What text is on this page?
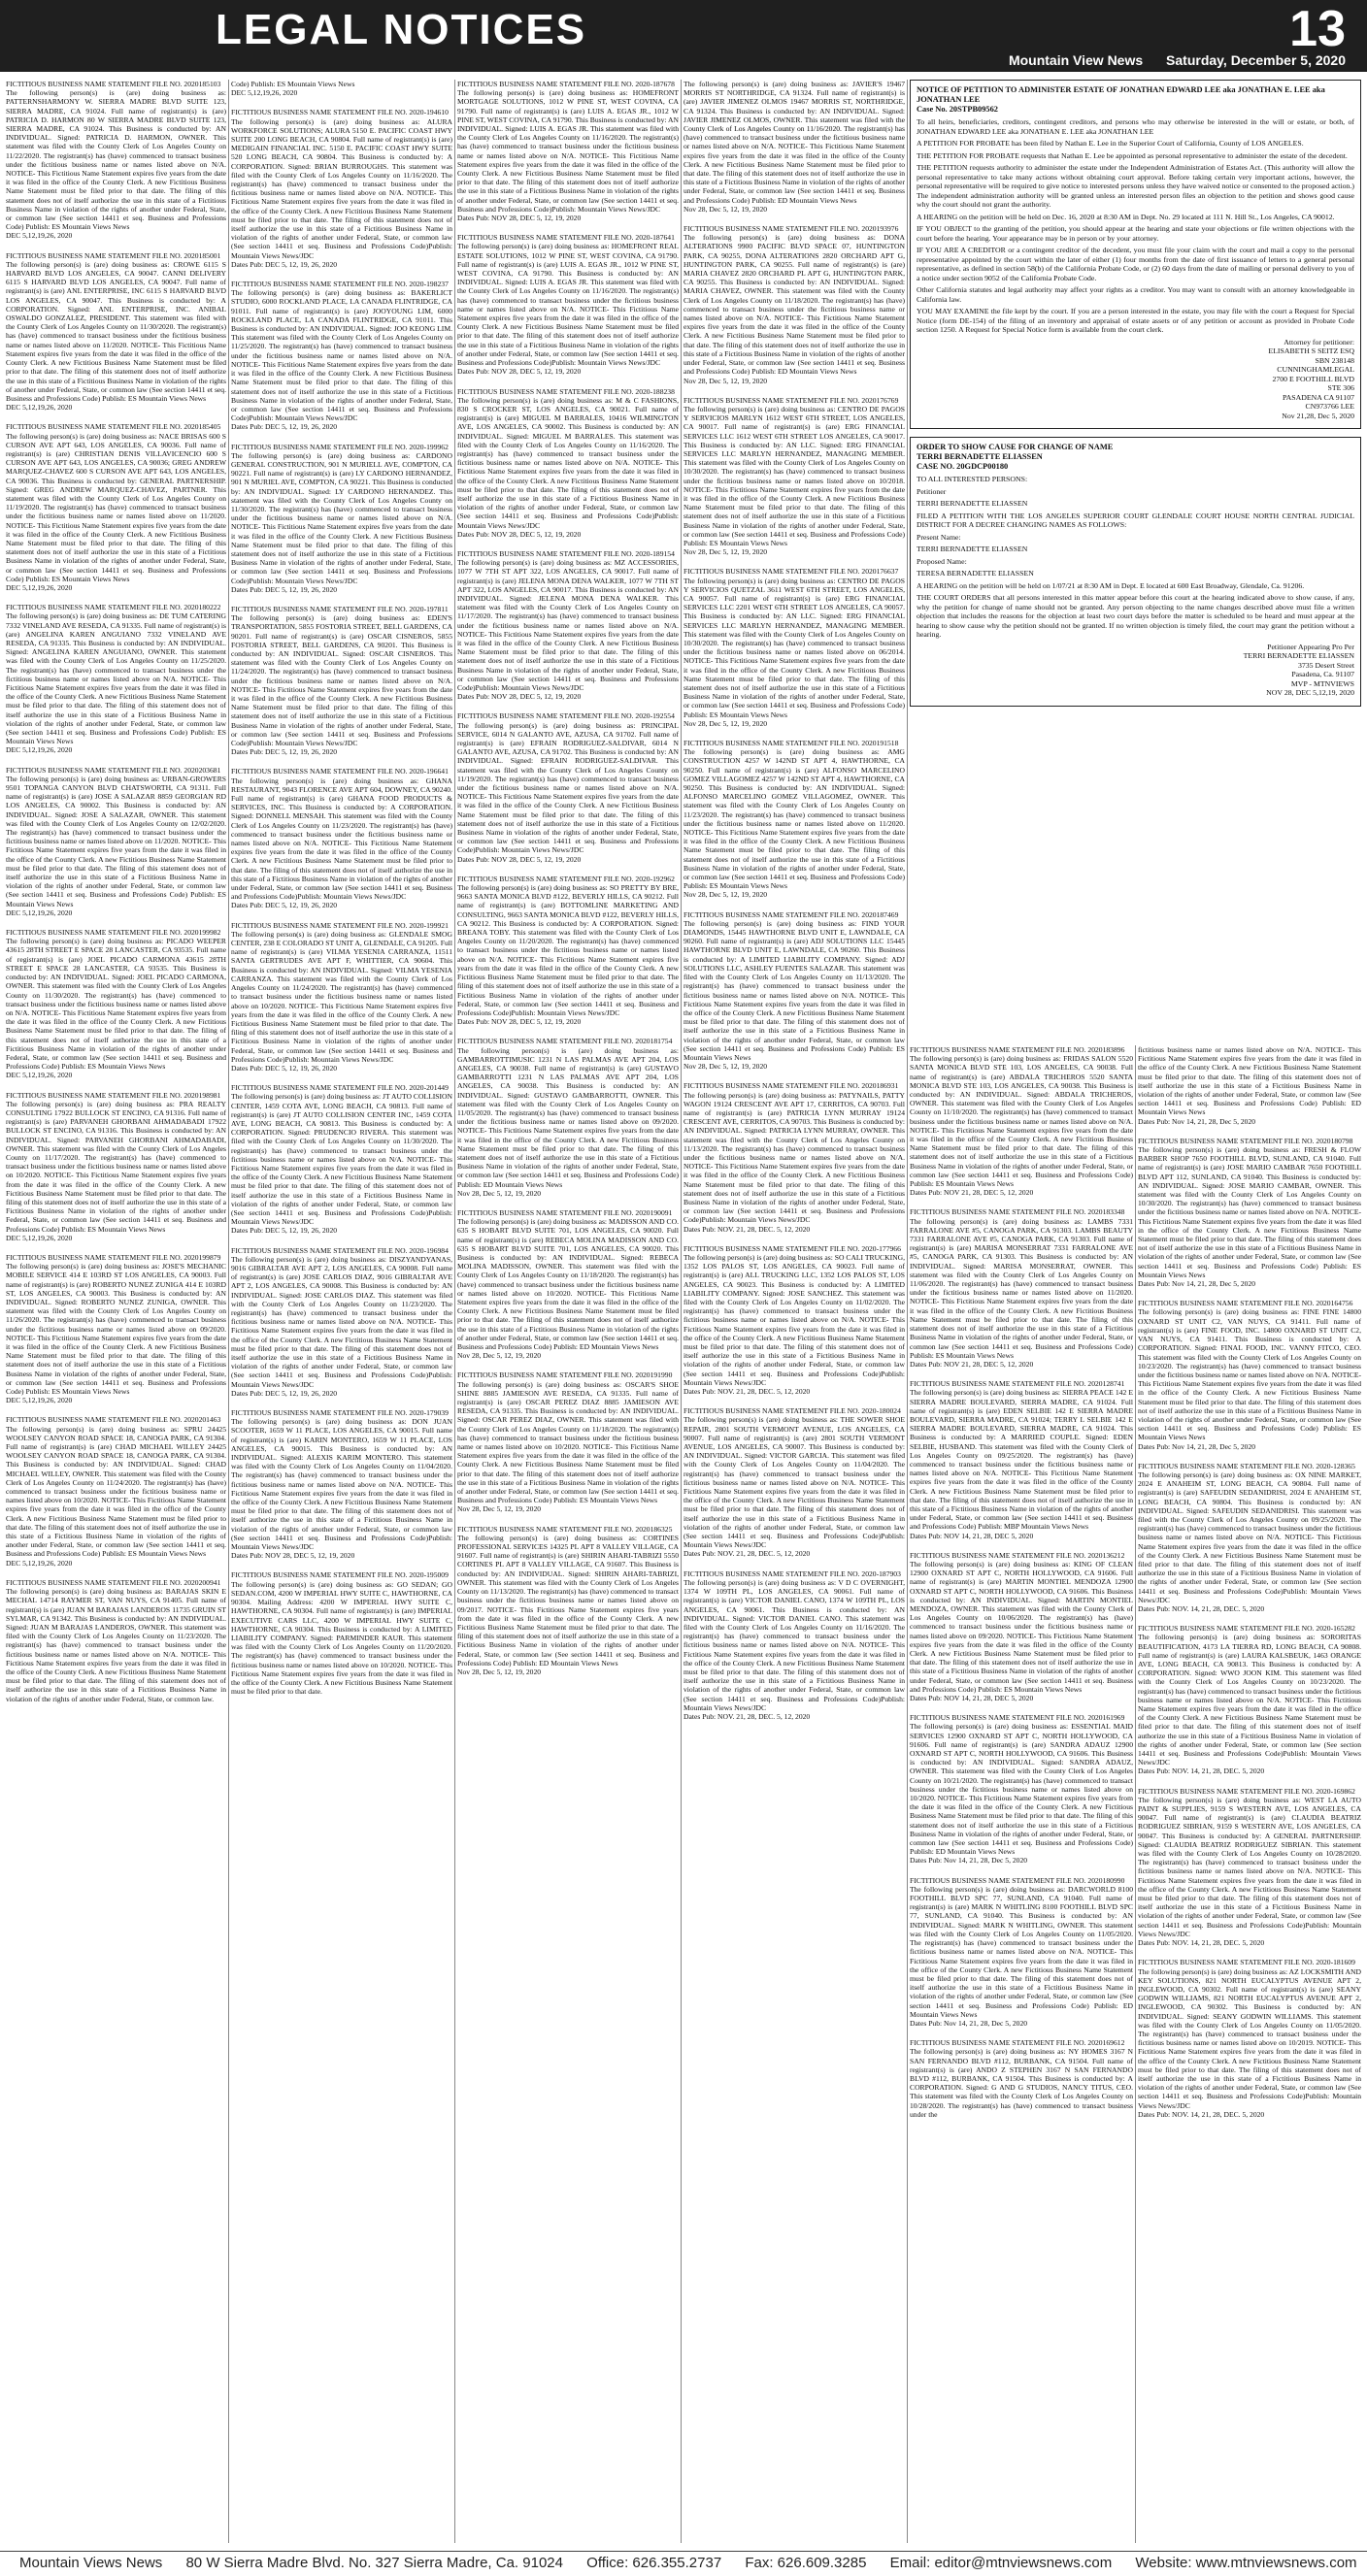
LEGAL NOTICES	13
Mountain View News Saturday, December 5, 2020
FICTITIOUS BUSINESS NAME STATEMENT FILE NO. 2020185103
The following person(s) is (are) doing business as: PATTERNSHARMONY W. SIERRA MADRE BLVD SUITE 123, SIERRA MADRE, CA 91024. Full name of registrant(s) is (are) PATRICIA D. HARMON 80 W SIERRA MADRE BLVD SUITE 123, SIERRA MADRE, CA 91024. This Business is conducted by: AN INDIVIDUAL. Signed: PATRICIA D. HARMON, OWNER. This statement was filed with the County Clerk of Los Angeles County on 11/22/2020. The registrant(s) has (have) commenced to transact business under the fictitious business name or names listed above on N/A. NOTICE- This Fictitious Name Statement expires five years from the date it was filed in the office of the County Clerk. A new Fictitious Business Name Statement must be filed prior to that date. The filing of this statement does not of itself authorize the use in this state of a Fictitious Business Name in violation of the rights of another under Federal, State, or common law (See section 14411 et seq. Business and Professions Code) Publish: ES Mountain Views News
DEC 5,12,19,26, 2020
FICTITIOUS BUSINESS NAME STATEMENT FILE NO. 2020185001
The following person(s) is (are) doing business as: CROWE 6115 S HARVARD BLVD LOS ANGELES, CA 90047. CANNI DELIVERY 6115 S HARVARD BLVD LOS ANGELES, CA 90047. Full name of registrant(s) is (are) ANL ENTERPRISE, INC 6115 S HARVARD BLVD LOS ANGELES, CA 90047. This Business is conducted by: A CORPORATION. Signed: ANL ENTERPRISE, INC. ANIBAL OSWALDO GONZALEZ, PRESIDENT. This statement was filed with the County Clerk of Los Angeles County on 11/30/2020. The registrant(s) has (have) commenced to transact business under the fictitious business name or names listed above on 11/2020. NOTICE- This Fictitious Name Statement expires five years from the date it was filed in the office of the County Clerk. A new Fictitious Business Name Statement must be filed prior to that date. The filing of this statement does not of itself authorize the use in this state of a Fictitious Business Name in violation of the rights of another under Federal, State, or common law (See section 14411 et seq. Business and Professions Code) Publish: ES Mountain Views News
DEC 5,12,19,26, 2020
FICTITIOUS BUSINESS NAME STATEMENT FILE NO. 2020185405
The following person(s) is (are) doing business as: NACE BRISAS 600 S CURSON AVE APT 643, LOS ANGELES, CA 90036. Full name of registrant(s) is (are) CHRISTIAN DENIS VILLAVICENCIO 600 S CURSON AVE APT 643, LOS ANGELES, CA 90036; GREG ANDREW MARQUEZ-CHAVEZ 600 S CURSON AVE APT 643, LOS ANGELES, CA 90036. This Business is conducted by: GENERAL PARTNERSHIP. Signed: GREG ANDREW MARQUEZ-CHAVEZ, PARTNER. This statement was filed with the County Clerk of Los Angeles County on 11/19/2020. The registrant(s) has (have) commenced to transact business under the fictitious business name or names listed above on 11/2020. NOTICE- This Fictitious Name Statement expires five years from the date it was filed in the office of the County Clerk. A new Fictitious Business Name Statement must be filed prior to that date. The filing of this statement does not of itself authorize the use in this state of a Fictitious Business Name in violation of the rights of another under Federal, State, or common law (See section 14411 et seq. Business and Professions Code) Publish: ES Mountain Views News
DEC 5,12,19,26, 2020
FICTITIOUS BUSINESS NAME STATEMENT FILE NO. 2020180222
The following person(s) is (are) doing business as: DE TUM CATERING 7332 VINELAND AVE RESEDA, CA 91335. Full name of registrant(s) is (are) ANGELINA KAREN ANGUIANO 7332 VINELAND AVE RESEDA, CA 91335. This Business is conducted by: AN INDIVIDUAL. Signed: ANGELINA KAREN ANGUIANO, OWNER. This statement was filed with the County Clerk of Los Angeles County on 11/25/2020. The registrant(s) has (have) commenced to transact business under the fictitious business name or names listed above on N/A. NOTICE- This Fictitious Name Statement expires five years from the date it was filed in the office of the County Clerk. A new Fictitious Business Name Statement must be filed prior to that date. The filing of this statement does not of itself authorize the use in this state of a Fictitious Business Name in violation of the rights of another under Federal, State, or common law (See section 14411 et seq. Business and Professions Code) Publish: ES Mountain Views News
DEC 5,12,19,26, 2020
FICTITIOUS BUSINESS NAME STATEMENT FILE NO. 2020203681
The following person(s) is (are) doing business as: URBAN-GROWERS 9501 TOPANGA CANYON BLVD CHATSWORTH, CA 91311. Full name of registrant(s) is (are) JOSE A SALAZAR 8859 GEORGIAN RD LOS ANGELES, CA 90002. This Business is conducted by: AN INDIVIDUAL. Signed: JOSE A SALAZAR, OWNER. This statement was filed with the County Clerk of Los Angeles County on 12/02/2020. The registrant(s) has (have) commenced to transact business under the fictitious business name or names listed above on 11/2020. NOTICE- This Fictitious Name Statement expires five years from the date it was filed in the office of the County Clerk. A new Fictitious Business Name Statement must be filed prior to that date. The filing of this statement does not of itself authorize the use in this state of a Fictitious Business Name in violation of the rights of another under Federal, State, or common law (See section 14411 et seq. Business and Professions Code) Publish: ES Mountain Views News
DEC 5,12,19,26, 2020
FICTITIOUS BUSINESS NAME STATEMENT FILE NO. 2020199982
The following person(s) is (are) doing business as: PICADO WEEPER 43615 28TH STREET E SPACE 28 LANCASTER, CA 93535. Full name of registrant(s) is (are) JOEL PICADO CARMONA 43615 28TH STREET E SPACE 28 LANCASTER, CA 93535. This Business is conducted by: AN INDIVIDUAL. Signed: JOEL PICADO CARMONA, OWNER. This statement was filed with the County Clerk of Los Angeles County on 11/30/2020. The registrant(s) has (have) commenced to transact business under the fictitious business name or names listed above on N/A. NOTICE- This Fictitious Name Statement expires five years from the date it was filed in the office of the County Clerk. A new Fictitious Business Name Statement must be filed prior to that date. The filing of this statement does not of itself authorize the use in this state of a Fictitious Business Name in violation of the rights of another under Federal, State, or common law (See section 14411 et seq. Business and Professions Code) Publish: ES Mountain Views News
DEC 5,12,19,26, 2020
FICTITIOUS BUSINESS NAME STATEMENT FILE NO. 2020198981
The following person(s) is (are) doing business as: PRA REALTY CONSULTING 17922 BULLOCK ST ENCINO, CA 91316. Full name of registrant(s) is (are) PARVANEH GHORBANI AHMADABADI 17922 BULLOCK ST ENCINO, CA 91316. This Business is conducted by: AN INDIVIDUAL. Signed: PARVANEH GHORBANI AHMADABADI, OWNER. This statement was filed with the County Clerk of Los Angeles County on 11/17/2020. The registrant(s) has (have) commenced to transact business under the fictitious business name or names listed above on 10/2020. NOTICE- This Fictitious Name Statement expires five years from the date it was filed in the office of the County Clerk. A new Fictitious Business Name Statement must be filed prior to that date. The filing of this statement does not of itself authorize the use in this state of a Fictitious Business Name in violation of the rights of another under Federal, State, or common law (See section 14411 et seq. Business and Professions Code) Publish: ES Mountain Views News
DEC 5,12,19,26, 2020
FICTITIOUS BUSINESS NAME STATEMENT FILE NO. 2020199879
The following person(s) is (are) doing business as: JOSE'S MECHANIC MOBILE SERVICE 414 E 103RD ST LOS ANGELES, CA 90003. Full name of registrant(s) is (are) ROBERTO NUNEZ ZUNIGA 414 E 103RD ST, LOS ANGELES, CA 90003. This Business is conducted by: AN INDIVIDUAL. Signed: ROBERTO NUNEZ ZUNIGA, OWNER. This statement was filed with the County Clerk of Los Angeles County on 11/26/2020. The registrant(s) has (have) commenced to transact business under the fictitious business name or names listed above on 09/2020. NOTICE- This Fictitious Name Statement expires five years from the date it was filed in the office of the County Clerk. A new Fictitious Business Name Statement must be filed prior to that date. The filing of this statement does not of itself authorize the use in this state of a Fictitious Business Name in violation of the rights of another under Federal, State, or common law (See section 14411 et seq. Business and Professions Code) Publish: ES Mountain Views News
DEC 5,12,19,26, 2020
FICTITIOUS BUSINESS NAME STATEMENT FILE NO. 2020201463
The following person(s) is (are) doing business as: SPRU 24425 WOOLSEY CANYON ROAD SPACE 18, CANOGA PARK, CA 91304. Full name of registrant(s) is (are) CHAD MICHAEL WILLEY 24425 WOOLSEY CANYON ROAD SPACE 18, CANOGA PARK, CA 91304. This Business is conducted by: AN INDIVIDUAL. Signed: CHAD MICHAEL WILLEY, OWNER. This statement was filed with the County Clerk of Los Angeles County on 11/24/2020. The registrant(s) has (have) commenced to transact business under the fictitious business name or names listed above on 10/2020. NOTICE- This Fictitious Name Statement expires five years from the date it was filed in the office of the County Clerk. A new Fictitious Business Name Statement must be filed prior to that date. The filing of this statement does not of itself authorize the use in this state of a Fictitious Business Name in violation of the rights of another under Federal, State, or common law (See section 14411 et seq. Business and Professions Code) Publish: ES Mountain Views News
DEC 5,12,19,26, 2020
FICTITIOUS BUSINESS NAME STATEMENT FILE NO. 2020200941
The following person(s) is (are) doing business as: BARAJAS SKIN E MECHAL 14714 RAYMER ST, VAN NUYS, CA 91405. Full name of registrant(s) is (are) JUAN M BARAJAS LANDEROS 11735 GRUIN ST SYLMAR, CA 91342. This Business is conducted by: AN INDIVIDUAL. Signed: JUAN M BARAJAS LANDEROS, OWNER. This statement was filed with the County Clerk of Los Angeles County on 11/23/2020. The registrant(s) has (have) commenced to transact business under the fictitious business name or names listed above on N/A. NOTICE- This Fictitious Name Statement expires five years from the date it was filed in the office of the County Clerk. A new Fictitious Business Name Statement must be filed prior to that date. The filing of this statement does not of itself authorize the use in this state of a Fictitious Business Name in violation of the rights of another under Federal, State, or common law.
Code) Publish: ES Mountain Views News
DEC 5,12,19,26, 2020
FICTITIOUS BUSINESS NAME STATEMENT FILE NO. 2020-194610
The following person(s) is (are) doing business as: ALURA WORKFORCE SOLUTIONS; ALURA 5150 E. PACIFIC COAST HWY SUITE 200 LONG BEACH, CA 90804. Full name of registrant(s) is (are) MEDIGAIN FINANCIAL INC. 5150 E. PACIFIC COAST HWY SUITE 520 LONG BEACH, CA 90804. This Business is conducted by: A CORPORATION. Signed: BRIAN BURROUGHS. This statement was filed with the County Clerk of Los Angeles County on 11/16/2020. The registrant(s) has (have) commenced to transact business under the fictitious business name or names listed above on N/A. NOTICE- This Fictitious Name Statement expires five years from the date it was filed in the office of the County Clerk. A new Fictitious Business Name Statement must be filed prior to that date. The filing of this statement does not of itself authorize the use in this state of a Fictitious Business Name in violation of the rights of another under Federal, State, or common law (See section 14411 et seq. Business and Professions Code)Publish: Mountain Views News/JDC
Dates Pub: DEC 5, 12, 19, 26, 2020
FICTITIOUS BUSINESS NAME STATEMENT FILE NO. 2020-198237
The following person(s) is (are) doing business as: BAKERLICT STUDIO, 6000 ROCKLAND PLACE, LA CANADA FLINTRIDGE, CA 91011. Full name of registrant(s) is (are) JOOYOUNG LIM, 6000 ROCKLAND PLACE, LA CANADA FLINTRIDGE, CA 91011. This Business is conducted by: AN INDIVIDUAL. Signed: JOO KEONG LIM. This statement was filed with the County Clerk of Los Angeles County on 11/25/2020. The registrant(s) has (have) commenced to transact business under the fictitious business name or names listed above on N/A. NOTICE- This Fictitious Name Statement expires five years from the date it was filed in the office of the County Clerk. A new Fictitious Business Name Statement must be filed prior to that date. The filing of this statement does not of itself authorize the use in this state of a Fictitious Business Name in violation of the rights of another under Federal, State, or common law (See section 14411 et seq. Business and Professions Code)Publish: Mountain Views News/JDC
Dates Pub: DEC 5, 12, 19, 26, 2020
FICTITIOUS BUSINESS NAME STATEMENT FILE NO. 2020-199962
The following person(s) is (are) doing business as: CARDONO GENERAL CONSTRUCTION, 901 N MURIELL AVE, COMPTON, CA 90221. Full name of registrant(s) is (are) LY CARDONO HERNANDEZ, 901 N MURIEL AVE, COMPTON, CA 90221. This Business is conducted by: AN INDIVIDUAL. Signed: LY CARDONO HERNANDEZ. This statement was filed with the County Clerk of Los Angeles County on 11/30/2020. The registrant(s) has (have) commenced to transact business under the fictitious business name or names listed above on N/A. NOTICE- This Fictitious Name Statement expires five years from the date it was filed in the office of the County Clerk. A new Fictitious Business Name Statement must be filed prior to that date. The filing of this statement does not of itself authorize the use in this state of a Fictitious Business Name in violation of the rights of another under Federal, State, or common law (See section 14411 et seq. Business and Professions Code)Publish: Mountain Views News/JDC
Dates Pub: DEC 5, 12, 19, 26, 2020
FICTITIOUS BUSINESS NAME STATEMENT FILE NO. 2020-197811
The following person(s) is (are) doing business as: EDEN'S TRANSPORTATION, 5855 FOSTORIA STREET, BELL GARDENS, CA 90201. Full name of registrant(s) is (are) OSCAR CISNEROS, 5855 FOSTORIA STREET, BELL GARDENS, CA 90201. This Business is conducted by: AN INDIVIDUAL. Signed: OSCAR CISNEROS. This statement was filed with the County Clerk of Los Angeles County on 11/24/2020. The registrant(s) has (have) commenced to transact business under the fictitious business name or names listed above on N/A. NOTICE- This Fictitious Name Statement expires five years from the date it was filed in the office of the County Clerk. A new Fictitious Business Name Statement must be filed prior to that date. The filing of this statement does not of itself authorize the use in this state of a Fictitious Business Name in violation of the rights of another under Federal, State, or common law (See section 14411 et seq. Business and Professions Code)Publish: Mountain Views News/JDC
Dates Pub: DEC 5, 12, 19, 26, 2020
FICTITIOUS BUSINESS NAME STATEMENT FILE NO. 2020-196641
The following person(s) is (are) doing business as: GHANA RESTAURANT, 9043 FLORENCE AVE APT 604, DOWNEY, CA 90240. Full name of registrant(s) is (are) GHANA FOOD PRODUCTS & SERVICES, INC. This Business is conducted by: A CORPORATION. Signed: DONNELL MENSAH. This statement was filed with the County Clerk of Los Angeles County on 11/23/2020. The registrant(s) has (have) commenced to transact business under the fictitious business name or names listed above on N/A. NOTICE- This Fictitious Name Statement expires five years from the date it was filed in the office of the County Clerk. A new Fictitious Business Name Statement must be filed prior to that date. The filing of this statement does not of itself authorize the use in this state of a Fictitious Business Name in violation of the rights of another under Federal, State, or common law (See section 14411 et seq. Business and Professions Code)Publish: Mountain Views News/JDC
Dates Pub: DEC 5, 12, 19, 26, 2020
FICTITIOUS BUSINESS NAME STATEMENT FILE NO. 2020-199921
The following person(s) is (are) doing business as: GLENDALE SMOG CENTER, 238 E COLORADO ST UNIT A, GLENDALE, CA 91205. Full name of registrant(s) is (are) VILMA YESENIA CARRANZA, 11511 SANTA GERTRUDES AVE APT F, WHITTIER, CA 90604. This Business is conducted by: AN INDIVIDUAL. Signed: VILMA YESENIA CARRANZA. This statement was filed with the County Clerk of Los Angeles County on 11/24/2020. The registrant(s) has (have) commenced to transact business under the fictitious business name or names listed above on 10/2020. NOTICE- This Fictitious Name Statement expires five years from the date it was filed in the office of the County Clerk. A new Fictitious Business Name Statement must be filed prior to that date. The filing of this statement does not of itself authorize the use in this state of a Fictitious Business Name in violation of the rights of another under Federal, State, or common law (See section 14411 et seq. Business and Professions Code)Publish: Mountain Views News/JDC
Dates Pub: DEC 5, 12, 19, 26, 2020
FICTITIOUS BUSINESS NAME STATEMENT FILE NO. 2020-201449
The following person(s) is (are) doing business as: JT AUTO COLLISION CENTER, 1459 COTA AVE, LONG BEACH, CA 90813. Full name of registrant(s) is (are) JT AUTO COLLISION CENTER INC, 1459 COTA AVE, LONG BEACH, CA 90813. This Business is conducted by: A CORPORATION. Signed: PRUDENCIO RIVERA. This statement was filed with the County Clerk of Los Angeles County on 11/30/2020. The registrant(s) has (have) commenced to transact business under the fictitious business name or names listed above on N/A. NOTICE- This Fictitious Name Statement expires five years from the date it was filed in the office of the County Clerk. A new Fictitious Business Name Statement must be filed prior to that date. The filing of this statement does not of itself authorize the use in this state of a Fictitious Business Name in violation of the rights of another under Federal, State, or common law (See section 14411 et seq. Business and Professions Code)Publish: Mountain Views News/JDC
Dates Pub: DEC 5, 12, 19, 26, 2020
FICTITIOUS BUSINESS NAME STATEMENT FILE NO. 2020-196984
The following person(s) is (are) doing business as: DISZYANDYANAS, 9016 GIBRALTAR AVE APT 2, LOS ANGELES, CA 90008. Full name of registrant(s) is (are) JOSE CARLOS DIAZ, 9016 GIBRALTAR AVE APT 2, LOS ANGELES, CA 90008. This Business is conducted by: AN INDIVIDUAL. Signed: JOSE CARLOS DIAZ. This statement was filed with the County Clerk of Los Angeles County on 11/23/2020. The registrant(s) has (have) commenced to transact business under the fictitious business name or names listed above on N/A. NOTICE- This Fictitious Name Statement expires five years from the date it was filed in the office of the County Clerk. A new Fictitious Business Name Statement must be filed prior to that date. The filing of this statement does not of itself authorize the use in this state of a Fictitious Business Name in violation of the rights of another under Federal, State, or common law (See section 14411 et seq. Business and Professions Code)Publish: Mountain Views News/JDC
Dates Pub: DEC 5, 12, 19, 26, 2020
FICTITIOUS BUSINESS NAME STATEMENT FILE NO. 2020-179039
The following person(s) is (are) doing business as: DON JUAN SCOOTER, 1659 W 11 PLACE, LOS ANGELES, CA 90015. Full name of registrant(s) is (are) KARIN MONTERO, 1659 W 11 PLACE, LOS ANGELES, CA 90015. This Business is conducted by: AN INDIVIDUAL. Signed: ALEXIS KARIM MONTERO. This statement was filed with the County Clerk of Los Angeles County on 11/04/2020. The registrant(s) has (have) commenced to transact business under the fictitious business name or names listed above on N/A. NOTICE- This Fictitious Name Statement expires five years from the date it was filed in the office of the County Clerk. A new Fictitious Business Name Statement must be filed prior to that date. The filing of this statement does not of itself authorize the use in this state of a Fictitious Business Name in violation of the rights of another under Federal, State, or common law (See section 14411 et seq. Business and Professions Code)Publish: Mountain Views News/JDC
Dates Pub: NOV 28, DEC 5, 12, 19, 2020
FICTITIOUS BUSINESS NAME STATEMENT FILE NO. 2020-195009
The following person(s) is (are) doing business as: GO SEDAN; GO SEDAN.COM, 4200 W IMPERIAL HWY SUITE C, HAWTHORNE, CA 90304. Mailing Address: 4200 W IMPERIAL HWY SUITE C, HAWTHORNE, CA 90304. Full name of registrant(s) is (are) IMPERIAL EXECUTIVE CARS LLC, 4200 W IMPERIAL HWY SUITE C, HAWTHORNE, CA 90304. This Business is conducted by: A LIMITED LIABILITY COMPANY. Signed: PARMINDER KAUR. This statement was filed with the County Clerk of Los Angeles County on 11/20/2020. The registrant(s) has (have) commenced to transact business under the fictitious business name or names listed above on 10/2020. NOTICE- This Fictitious Name Statement expires five years from the date it was filed in the office of the County Clerk. A new Fictitious Business Name Statement must be filed prior to that date.
FICTITIOUS BUSINESS NAME STATEMENT FILE NO. 2020-187678
The following person(s) is (are) doing business as: HOMEFRONT MORTGAGE SOLUTIONS, 1012 W PINE ST, WEST COVINA, CA 91790. Full name of registrant(s) is (are) LUIS A. EGAS JR., 1012 W PINE ST, WEST COVINA, CA 91790. This Business is conducted by: AN INDIVIDUAL. Signed: LUIS A. EGAS JR. This statement was filed with the County Clerk of Los Angeles County on 11/16/2020. The registrant(s) has (have) commenced to transact business under the fictitious business name or names listed above on N/A. NOTICE- This Fictitious Name Statement expires five years from the date it was filed in the office of the County Clerk. A new Fictitious Business Name Statement must be filed prior to that date. The filing of this statement does not of itself authorize the use in this state of a Fictitious Business Name in violation of the rights of another under Federal, State, or common law (See section 14411 et seq. Business and Professions Code)Publish: Mountain Views News/JDC
Dates Pub: NOV 28, DEC 5, 12, 19, 2020
FICTITIOUS BUSINESS NAME STATEMENT FILE NO. 2020-187641
The following person(s) is (are) doing business as: HOMEFRONT REAL ESTATE SOLUTIONS, 1012 W PINE ST, WEST COVINA, CA 91790. Full name of registrant(s) is (are) LUIS A. EGAS JR., 1012 W PINE ST, WEST COVINA, CA 91790. This Business is conducted by: AN INDIVIDUAL. Signed: LUIS A. EGAS JR. This statement was filed with the County Clerk of Los Angeles County on 11/16/2020. The registrant(s) has (have) commenced to transact business under the fictitious business name or names listed above on N/A. NOTICE- This Fictitious Name Statement expires five years from the date it was filed in the office of the County Clerk. A new Fictitious Business Name Statement must be filed prior to that date. The filing of this statement does not of itself authorize the use in this state of a Fictitious Business Name in violation of the rights of another under Federal, State, or common law (See section 14411 et seq. Business and Professions Code)Publish: Mountain Views News/JDC
Dates Pub: NOV 28, DEC 5, 12, 19, 2020
FICTITIOUS BUSINESS NAME STATEMENT FILE NO. 2020-188238
The following person(s) is (are) doing business as: M & C FASHIONS, 830 S CROCKER ST, LOS ANGELES, CA 90021. Full name of registrant(s) is (are) MIGUEL M BARRALES, 10416 WILMINGTON AVE, LOS ANGELES, CA 90002. This Business is conducted by: AN INDIVIDUAL. Signed: MIGUEL M BARRALES. This statement was filed with the County Clerk of Los Angeles County on 11/16/2020. The registrant(s) has (have) commenced to transact business under the fictitious business name or names listed above on N/A. NOTICE- This Fictitious Name Statement expires five years from the date it was filed in the office of the County Clerk. A new Fictitious Business Name Statement must be filed prior to that date. The filing of this statement does not of itself authorize the use in this state of a Fictitious Business Name in violation of the rights of another under Federal, State, or common law (See section 14411 et seq. Business and Professions Code)Publish: Mountain Views News/JDC
Dates Pub: NOV 28, DEC 5, 12, 19, 2020
FICTITIOUS BUSINESS NAME STATEMENT FILE NO. 2020-189154
The following person(s) is (are) doing business as: MZ ACCESSORIES, 1077 W 7TH ST APT 322, LOS ANGELES, CA 90017. Full name of registrant(s) is (are) JELENA MONA DENA WALKER, 1077 W 7TH ST APT 322, LOS ANGELES, CA 90017. This Business is conducted by: AN INDIVIDUAL. Signed: JELENA MONA DENA WALKER. This statement was filed with the County Clerk of Los Angeles County on 11/17/2020. The registrant(s) has (have) commenced to transact business under the fictitious business name or names listed above on N/A. NOTICE- This Fictitious Name Statement expires five years from the date it was filed in the office of the County Clerk. A new Fictitious Business Name Statement must be filed prior to that date. The filing of this statement does not of itself authorize the use in this state of a Fictitious Business Name in violation of the rights of another under Federal, State, or common law (See section 14411 et seq. Business and Professions Code)Publish: Mountain Views News/JDC
Dates Pub: NOV 28, DEC 5, 12, 19, 2020
FICTITIOUS BUSINESS NAME STATEMENT FILE NO. 2020-192554
The following person(s) is (are) doing business as: PRINCIPAL SERVICE, 6014 N GALANTO AVE, AZUSA, CA 91702. Full name of registrant(s) is (are) EFRAIN RODRIGUEZ-SALDIVAR, 6014 N GALANTO AVE, AZUSA, CA 91702. This Business is conducted by: AN INDIVIDUAL. Signed: EFRAIN RODRIGUEZ-SALDIVAR. This statement was filed with the County Clerk of Los Angeles County on 11/19/2020. The registrant(s) has (have) commenced to transact business under the fictitious business name or names listed above on N/A. NOTICE- This Fictitious Name Statement expires five years from the date it was filed in the office of the County Clerk. A new Fictitious Business Name Statement must be filed prior to that date. The filing of this statement does not of itself authorize the use in this state of a Fictitious Business Name in violation of the rights of another under Federal, State, or common law (See section 14411 et seq. Business and Professions Code)Publish: Mountain Views News/JDC
Dates Pub: NOV 28, DEC 5, 12, 19, 2020
FICTITIOUS BUSINESS NAME STATEMENT FILE NO. 2020-192962
The following person(s) is (are) doing business as: SO PRETTY BY BRE, 9663 SANTA MONICA BLVD #122, BEVERLY HILLS, CA 90212. Full name of registrant(s) is (are) BOTTOMLINE MARKETING AND CONSULTING, 9663 SANTA MONICA BLVD #122, BEVERLY HILLS, CA 90212. This Business is conducted by: A CORPORATION. Signed: BREANA TOBY. This statement was filed with the County Clerk of Los Angeles County on 11/20/2020. The registrant(s) has (have) commenced to transact business under the fictitious business name or names listed above on N/A. NOTICE- This Fictitious Name Statement expires five years from the date it was filed in the office of the County Clerk. A new Fictitious Business Name Statement must be filed prior to that date. The filing of this statement does not of itself authorize the use in this state of a Fictitious Business Name in violation of the rights of another under Federal, State, or common law (See section 14411 et seq. Business and Professions Code)Publish: Mountain Views News/JDC
Dates Pub: NOV 28, DEC 5, 12, 19, 2020
FICTITIOUS BUSINESS NAME STATEMENT FILE NO. 2020181754
The following person(s) is (are) doing business as: GAMBARROTTIMUSIC 1231 N LAS PALMAS AVE APT 204, LOS ANGELES, CA 90038. Full name of registrant(s) is (are) GUSTAVO GAMBARROTTI 1231 N LAS PALMAS AVE APT 204, LOS ANGELES, CA 90038. This Business is conducted by: AN INDIVIDUAL. Signed: GUSTAVO GAMBARROTTI, OWNER. This statement was filed with the County Clerk of Los Angeles County on 11/05/2020. The registrant(s) has (have) commenced to transact business under the fictitious business name or names listed above on 09/2020. NOTICE- This Fictitious Name Statement expires five years from the date it was filed in the office of the County Clerk. A new Fictitious Business Name Statement must be filed prior to that date. The filing of this statement does not of itself authorize the use in this state of a Fictitious Business Name in violation of the rights of another under Federal, State, or common law (See section 14411 et seq. Business and Professions Code) Publish: ED Mountain Views News
Nov 28, Dec 5, 12, 19, 2020
FICTITIOUS BUSINESS NAME STATEMENT FILE NO. 2020190091
The following person(s) is (are) doing business as: MADISSON AND CO. 635 S HOBART BLVD SUITE 701, LOS ANGELES, CA 90020. Full name of registrant(s) is (are) REBECA MOLINA MADISSON AND CO. 635 S HOBART BLVD SUITE 701, LOS ANGELES, CA 90020. This Business is conducted by: AN INDIVIDUAL. Signed: REBECA MOLINA MADISSON, OWNER. This statement was filed with the County Clerk of Los Angeles County on 11/18/2020. The registrant(s) has (have) commenced to transact business under the fictitious business name or names listed above on 10/2020. NOTICE- This Fictitious Name Statement expires five years from the date it was filed in the office of the County Clerk. A new Fictitious Business Name Statement must be filed prior to that date. The filing of this statement does not of itself authorize the use in this state of a Fictitious Business Name in violation of the rights of another under Federal, State, or common law (See section 14411 et seq. Business and Professions Code) Publish: ED Mountain Views News
Nov 28, Dec 5, 12, 19, 2020
FICTITIOUS BUSINESS NAME STATEMENT FILE NO. 2020191990
The following person(s) is (are) doing business as: OSCAR'S SHOE SHINE 8885 JAMIESON AVE RESEDA, CA 91335. Full name of registrant(s) is (are) OSCAR PEREZ DIAZ 8885 JAMIESON AVE RESEDA, CA 91335. This Business is conducted by: AN INDIVIDUAL. Signed: OSCAR PEREZ DIAZ, OWNER. This statement was filed with the County Clerk of Los Angeles County on 11/18/2020. The registrant(s) has (have) commenced to transact business under the fictitious business name or names listed above on 10/2020. NOTICE- This Fictitious Name Statement expires five years from the date it was filed in the office of the County Clerk. A new Fictitious Business Name Statement must be filed prior to that date. The filing of this statement does not of itself authorize the use in this state of a Fictitious Business Name in violation of the rights of another under Federal, State, or common law (See section 14411 et seq. Business and Professions Code) Publish: ES Mountain Views News
Nov 28, Dec 5, 12, 19, 2020
FICTITIOUS BUSINESS NAME STATEMENT FILE NO. 2020186325
The following person(s) is (are) doing business as: CORTINES PROFESSIONAL SERVICES 14325 PL APT 8 VALLEY VILLAGE, CA 91607. Full name of registrant(s) is (are) SHIRIN AHARI-TABRIZI 5550 CORTINES PL APT 8 VALLEY VILLAGE, CA 91607. This Business is conducted by: AN INDIVIDUAL. Signed: SHIRIN AHARI-TABRIZI, OWNER. This statement was filed with the County Clerk of Los Angeles County on 11/13/2020. The registrant(s) has (have) commenced to transact business under the fictitious business name or names listed above on 09/2017. NOTICE- This Fictitious Name Statement expires five years from the date it was filed in the office of the County Clerk. A new Fictitious Business Name Statement must be filed prior to that date. The filing of this statement does not of itself authorize the use in this state of a Fictitious Business Name in violation of the rights of another under Federal, State, or common law (See section 14411 et seq. Business and Professions Code) Publish: ED Mountain Views News
Nov 28, Dec 5, 12, 19, 2020
The following person(s) is (are) doing business as: JAVIER'S 19467 MORRIS ST NORTHRIDGE, CA 91324. Full name of registrant(s) is (are) JAVIER JIMENEZ OLMOS 19467 MORRIS ST, NORTHRIDGE, CA 91324. This Business is conducted by: AN INDIVIDUAL. Signed: JAVIER JIMENEZ OLMOS, OWNER. This statement was filed with the County Clerk of Los Angeles County on 11/16/2020. The registrant(s) has (have) commenced to transact business under the fictitious business name or names listed above on N/A. NOTICE- This Fictitious Name Statement expires five years from the date it was filed in the office of the County Clerk. A new Fictitious Business Name Statement must be filed prior to that date. The filing of this statement does not of itself authorize the use in this state of a Fictitious Business Name in violation of the rights of another under Federal, State, or common law (See section 14411 et seq. Business and Professions Code) Publish: ED Mountain Views News
Nov 28, Dec 5, 12, 19, 2020
FICTITIOUS BUSINESS NAME STATEMENT FILE NO. 2020193976
The following person(s) is (are) doing business as: DONA ALTERATIONS 9900 PACIFIC BLVD SPACE 07, HUNTINGTON PARK, CA 90255, DONA ALTERATIONS 2820 ORCHARD APT G, HUNTINGTON PARK, CA 90255. Full name of registrant(s) is (are) MARIA CHAVEZ 2820 ORCHARD PL APT G, HUNTINGTON PARK, CA 90255. This Business is conducted by: AN INDIVIDUAL. Signed: MARIA CHAVEZ, OWNER. This statement was filed with the County Clerk of Los Angeles County on 11/18/2020. The registrant(s) has (have) commenced to transact business under the fictitious business name or names listed above on N/A. NOTICE- This Fictitious Name Statement expires five years from the date it was filed in the office of the County Clerk. A new Fictitious Business Name Statement must be filed prior to that date. The filing of this statement does not of itself authorize the use in this state of a Fictitious Business Name in violation of the rights of another under Federal, State, or common law (See section 14411 et seq. Business and Professions Code) Publish: ED Mountain Views News
Nov 28, Dec 5, 12, 19, 2020
FICTITIOUS BUSINESS NAME STATEMENT FILE NO. 2020176769
The following person(s) is (are) doing business as: CENTRO DE PAGOS Y SERVICIOS MARLYN 1612 WEST 6TH STREET, LOS ANGELES, CA 90017. Full name of registrant(s) is (are) ERG FINANCIAL SERVICES LLC 1612 WEST 6TH STREET LOS ANGELES, CA 90017. This Business is conducted by: AN LLC. Signed: ERG FINANCIAL SERVICES LLC MARLYN HERNANDEZ, MANAGING MEMBER. This statement was filed with the County Clerk of Los Angeles County on 10/30/2020. The registrant(s) has (have) commenced to transact business under the fictitious business name or names listed above on 10/2018. NOTICE- This Fictitious Name Statement expires five years from the date it was filed in the office of the County Clerk. A new Fictitious Business Name Statement must be filed prior to that date. The filing of this statement does not of itself authorize the use in this state of a Fictitious Business Name in violation of the rights of another under Federal, State, or common law (See section 14411 et seq. Business and Professions Code) Publish: ES Mountain Views News
Nov 28, Dec 5, 12, 19, 2020
FICTITIOUS BUSINESS NAME STATEMENT FILE NO. 2020176637
The following person(s) is (are) doing business as: CENTRO DE PAGOS Y SERVICIOS QUETZAL 3611 WEST 6TH STREET, LOS ANGELES, CA 90057. Full name of registrant(s) is (are) ERG FINANCIAL SERVICES LLC 2201 WEST 6TH STREET LOS ANGELES, CA 90057. This Business is conducted by: AN LLC. Signed: ERG FINANCIAL SERVICES LLC MARLYN HERNANDEZ, MANAGING MEMBER. This statement was filed with the County Clerk of Los Angeles County on 10/30/2020. The registrant(s) has (have) commenced to transact business under the fictitious business name or names listed above on 06/2014. NOTICE- This Fictitious Name Statement expires five years from the date it was filed in the office of the County Clerk. A new Fictitious Business Name Statement must be filed prior to that date. The filing of this statement does not of itself authorize the use in this state of a Fictitious Business Name in violation of the rights of another under Federal, State, or common law (See section 14411 et seq. Business and Professions Code) Publish: ES Mountain Views News
Nov 28, Dec 5, 12, 19, 2020
FICTITIOUS BUSINESS NAME STATEMENT FILE NO. 2020191518
The following person(s) is (are) doing business as: AMG CONSTRUCTION 4257 W 142ND ST APT 4, HAWTHORNE, CA 90250. Full name of registrant(s) is (are) ALFONSO MARCELINO GOMEZ VILLAGOMEZ 4257 W 142ND ST APT 4, HAWTHORNE, CA 90250. This Business is conducted by: AN INDIVIDUAL. Signed: ALFONSO MARCELINO GOMEZ VILLAGOMEZ, OWNER. This statement was filed with the County Clerk of Los Angeles County on 11/23/2020. The registrant(s) has (have) commenced to transact business under the fictitious business name or names listed above on 11/2020. NOTICE- This Fictitious Name Statement expires five years from the date it was filed in the office of the County Clerk. A new Fictitious Business Name Statement must be filed prior to that date. The filing of this statement does not of itself authorize the use in this state of a Fictitious Business Name in violation of the rights of another under Federal, State, or common law (See section 14411 et seq. Business and Professions Code) Publish: ES Mountain Views News
Nov 28, Dec 5, 12, 19, 2020
FICTITIOUS BUSINESS NAME STATEMENT FILE NO. 2020187469
The following person(s) is (are) doing business as: FIND YOUR DIAMONDS, 15445 HAWTHORNE BLVD UNIT E, LAWNDALE, CA 90260. Full name of registrant(s) is (are) ADJ SOLUTIONS LLC 15445 HAWTHORNE BLVD UNIT E, LAWNDALE, CA 90260. This Business is conducted by: A LIMITED LIABILITY COMPANY. Signed: ADJ SOLUTIONS LLC, ASHLEY FUENTES SALAZAR. This statement was filed with the County Clerk of Los Angeles County on 11/13/2020. The registrant(s) has (have) commenced to transact business under the fictitious business name or names listed above on N/A. NOTICE- This Fictitious Name Statement expires five years from the date it was filed in the office of the County Clerk. A new Fictitious Business Name Statement must be filed prior to that date. The filing of this statement does not of itself authorize the use in this state of a Fictitious Business Name in violation of the rights of another under Federal, State, or common law (See section 14411 et seq. Business and Professions Code) Publish: ES Mountain Views News
Nov 28, Dec 5, 12, 19, 2020
FICTITIOUS BUSINESS NAME STATEMENT FILE NO. 2020186931
The following person(s) is (are) doing business as: PATYNAILS, PATTY WAGON 19124 CRESCENT AVE APT 17, CERRITOS, CA 90703. Full name of registrant(s) is (are) PATRICIA LYNN MURRAY 19124 CRESCENT AVE, CERRITOS, CA 90703. This Business is conducted by: AN INDIVIDUAL. Signed: PATRICIA LYNN MURRAY, OWNER. This statement was filed with the County Clerk of Los Angeles County on 11/13/2020. The registrant(s) has (have) commenced to transact business under the fictitious business name or names listed above on N/A. NOTICE- This Fictitious Name Statement expires five years from the date it was filed in the office of the County Clerk. A new Fictitious Business Name Statement must be filed prior to that date. The filing of this statement does not of itself authorize the use in this state of a Fictitious Business Name in violation of the rights of another under Federal, State, or common law (See section 14411 et seq. Business and Professions Code)Publish: Mountain Views News/JDC
Dates Pub: NOV. 21, 28, DEC. 5, 12, 2020
FICTITIOUS BUSINESS NAME STATEMENT FILE NO. 2020-177966
The following person(s) is (are) doing business as: SO CALI TRUCKING, 1352 LOS PALOS ST, LOS ANGELES, CA 90023. Full name of registrant(s) is (are) ALL TRUCKING LLC, 1352 LOS PALOS ST, LOS ANGELES, CA 90023. This Business is conducted by: A LIMITED LIABILITY COMPANY. Signed: JOSE SANCHEZ. This statement was filed with the County Clerk of Los Angeles County on 11/02/2020. The registrant(s) has (have) commenced to transact business under the fictitious business name or names listed above on N/A. NOTICE- This Fictitious Name Statement expires five years from the date it was filed in the office of the County Clerk. A new Fictitious Business Name Statement must be filed prior to that date. The filing of this statement does not of itself authorize the use in this state of a Fictitious Business Name in violation of the rights of another under Federal, State, or common law (See section 14411 et seq. Business and Professions Code)Publish: Mountain Views News/JDC
Dates Pub: NOV. 21, 28, DEC. 5, 12, 2020
FICTITIOUS BUSINESS NAME STATEMENT FILE NO. 2020-180024
The following person(s) is (are) doing business as: THE SOWER SHOE REPAIR, 2801 SOUTH VERMONT AVENUE, LOS ANGELES, CA 90007. Full name of registrant(s) is (are) 2801 SOUTH VERMONT AVENUE, LOS ANGELES, CA 90007. This Business is conducted by: AN INDIVIDUAL. Signed: VICTOR GARCIA. This statement was filed with the County Clerk of Los Angeles County on 11/04/2020. The registrant(s) has (have) commenced to transact business under the fictitious business name or names listed above on N/A. NOTICE- This Fictitious Name Statement expires five years from the date it was filed in the office of the County Clerk. A new Fictitious Business Name Statement must be filed prior to that date. The filing of this statement does not of itself authorize the use in this state of a Fictitious Business Name in violation of the rights of another under Federal, State, or common law (See section 14411 et seq. Business and Professions Code)Publish: Mountain Views News/JDC
Dates Pub: NOV. 21, 28, DEC. 5, 12, 2020
FICTITIOUS BUSINESS NAME STATEMENT FILE NO. 2020-187903
The following person(s) is (are) doing business as: V D C OVERNIGHT, 1374 W 109TH PL, LOS ANGELES, CA 90061. Full name of registrant(s) is (are) VICTOR DANIEL CANO, 1374 W 109TH PL, LOS ANGELES, CA 90061. This Business is conducted by: AN INDIVIDUAL. Signed: VICTOR DANIEL CANO. This statement was filed with the County Clerk of Los Angeles County on 11/16/2020. The registrant(s) has (have) commenced to transact business under the fictitious business name or names listed above on N/A. NOTICE- This Fictitious Name Statement expires five years from the date it was filed in the office of the County Clerk. A new Fictitious Business Name Statement must be filed prior to that date. The filing of this statement does not of itself authorize the use in this state of a Fictitious Business Name in violation of the rights of another under Federal, State, or common law (See section 14411 et seq. Business and Professions Code)Publish: Mountain Views News/JDC
Dates Pub: NOV. 21, 28, DEC. 5, 12, 2020
NOTICE OF PETITION TO ADMINISTER ESTATE OF JONATHAN EDWARD LEE aka JONATHAN E. LEE aka JONATHAN LEE
Case No. 20STPB09562

To all heirs, beneficiaries, creditors, contingent creditors, and persons who may otherwise be interested in the will or estate, or both, of JONATHAN EDWARD LEE aka JONATHAN E. LEE aka JONATHAN LEE

A PETITION FOR PROBATE has been filed by Nathan E. Lee in the Superior Court of California, County of LOS ANGELES.

THE PETITION FOR PROBATE requests that Nathan E. Lee be appointed as personal representative to administer the estate of the decedent.

THE PETITION requests authority to administer the estate under the Independent Administration of Estates Act. (This authority will allow the personal representative to take many actions without obtaining court approval. Before taking certain very important actions, however, the personal representative will be required to give notice to interested persons unless they have waived notice or consented to the proposed action.) The independent administration authority will be granted unless an interested person files an objection to the petition and shows good cause why the court should not grant the authority.

A HEARING on the petition will be held on Dec. 16, 2020 at 8:30 AM in Dept. No. 29 located at 111 N. Hill St., Los Angeles, CA 90012.

IF YOU OBJECT to the granting of the petition, you should appear at the hearing and state your objections or file written objections with the court before the hearing. Your appearance may be in person or by your attorney.

IF YOU ARE A CREDITOR or a contingent creditor of the decedent, you must file your claim with the court and mail a copy to the personal representative appointed by the court within the later of either (1) four months from the date of first issuance of letters to a general personal representative, as defined in section 58(b) of the California Probate Code, or (2) 60 days from the date of mailing or personal delivery to you of a notice under section 9052 of the California Probate Code.

Other California statutes and legal authority may affect your rights as a creditor. You may want to consult with an attorney knowledgeable in California law.

YOU MAY EXAMINE the file kept by the court. If you are a person interested in the estate, you may file with the court a Request for Special Notice (form DE-154) of the filing of an inventory and appraisal of estate assets or of any petition or account as provided in Probate Code section 1250. A Request for Special Notice form is available from the court clerk.

Attorney for petitioner:
ELISABETH S SEITZ ESQ
SBN 238148
CUNNINGHAMLEGAL
2700 E FOOTHILL BLVD
STE 306
PASADENA CA 91107
CN973766 LEE
Nov 21,28, Dec 5, 2020

ORDER TO SHOW CAUSE FOR CHANGE OF NAME
TERRI BERNADETTE ELIASSEN
CASE NO. 20GDCP00180

TO ALL INTERESTED PERSONS:

Petitioner

TERRI BERNADETTE ELIASSEN

FILED A PETITION WITH THE LOS ANGELES SUPERIOR COURT GLENDALE COURT HOUSE NORTH CENTRAL JUDICIAL DISTRICT FOR A DECREE CHANGING NAMES AS FOLLOWS:

Present Name:

TERRI BERNADETTE ELIASSEN

Proposed Name:

TERESA BERNADETTE ELIASSEN

A HEARING on the petition will be held on 1/07/21 at 8:30 AM in Dept. E located at 600 East Broadway, Glendale, Ca. 91206.

THE COURT ORDERS that all persons interested in this matter appear before this court at the hearing indicated above to show cause, if any, why the petition for change of name should not be granted. Any person objecting to the name changes described above must file a written objection that includes the reasons for the objection at least two court days before the matter is scheduled to be heard and must appear at the hearing to show cause why the petition should not be granted. If no written objection is timely filed, the court may grant the petition without a hearing.

Petitioner Appearing Pro Per
TERRI BERNADETTE ELIASSEN
3735 Desert Street
Pasadena, Ca. 91107
MVP - MTNVIEWS
NOV 28, DEC 5,12,19, 2020

FICTITIOUS BUSINESS NAME STATEMENT FILE NO. 2020183896
The following person(s) is (are) doing business as: FRIDAS SALON 5520 SANTA MONICA BLVD STE 103, LOS ANGELES, CA 90038. Full name of registrant(s) is (are) ABDALA TRICHEROS 5520 SANTA MONICA BLVD STE 103, LOS ANGELES, CA 90038. This Business is conducted by: AN INDIVIDUAL. Signed: ABDALA TRICHEROS, OWNER. This statement was filed with the County Clerk of Los Angeles County on 11/10/2020. The registrant(s) has (have) commenced to transact business under the fictitious business name or names listed above on N/A. NOTICE- This Fictitious Name Statement expires five years from the date it was filed in the office of the County Clerk. A new Fictitious Business Name Statement must be filed prior to that date. The filing of this statement does not of itself authorize the use in this state of a Fictitious Business Name in violation of the rights of another under Federal, State, or common law (See section 14411 et seq. Business and Professions Code) Publish: ES Mountain Views News
Dates Pub: NOV 21, 28, DEC 5, 12, 2020
FICTITIOUS BUSINESS NAME STATEMENT FILE NO. 2020183348
The following person(s) is (are) doing business as: LAMBS 7331 FARRALONE AVE #5, CANOGA PARK, CA 91303. LAMBS BEAUTY 7331 FARRALONE AVE #5, CANOGA PARK, CA 91303. Full name of registrant(s) is (are) MARISA MONSERRAT 7331 FARRALONE AVE #5, CANOGA PARK, CA 91303. This Business is conducted by: AN INDIVIDUAL. Signed: MARISA MONSERRAT, OWNER. This statement was filed with the County Clerk of Los Angeles County on 11/06/2020. The registrant(s) has (have) commenced to transact business under the fictitious business name or names listed above on 11/2020. NOTICE- This Fictitious Name Statement expires five years from the date it was filed in the office of the County Clerk. A new Fictitious Business Name Statement must be filed prior to that date. The filing of this statement does not of itself authorize the use in this state of a Fictitious Business Name in violation of the rights of another under Federal, State, or common law (See section 14411 et seq. Business and Professions Code) Publish: ES Mountain Views News
Dates Pub: NOV 21, 28, DEC 5, 12, 2020
FICTITIOUS BUSINESS NAME STATEMENT FILE NO. 2020128741
The following person(s) is (are) doing business as: SIERRA PEACE 142 E SIERRA MADRE BOULEVARD, SIERRA MADRE, CA 91024. Full name of registrant(s) is (are) EDEN SELBIE 142 E SIERRA MADRE BOULEVARD, SIERRA MADRE, CA 91024; TERRY L SELBIE 142 E SIERRA MADRE BOULEVARD, SIERRA MADRE, CA 91024. This Business is conducted by: A MARRIED COUPLE. Signed: EDEN SELBIE, HUSBAND. This statement was filed with the County Clerk of Los Angeles County on 09/25/2020. The registrant(s) has (have) commenced to transact business under the fictitious business name or names listed above on N/A. NOTICE- This Fictitious Name Statement expires five years from the date it was filed in the office of the County Clerk. A new Fictitious Business Name Statement must be filed prior to that date. The filing of this statement does not of itself authorize the use in this state of a Fictitious Business Name in violation of the rights of another under Federal, State, or common law (See section 14411 et seq. Business and Professions Code) Publish: MBP Mountain Views News
Dates Pub: NOV 14, 21, 28, DEC 5, 2020
FICTITIOUS BUSINESS NAME STATEMENT FILE NO. 2020136212
The following person(s) is (are) doing business as: KING OF CLEAN 12900 OXNARD ST APT C, NORTH HOLLYWOOD, CA 91606. Full name of registrant(s) is (are) MARTIN MONTIEL MENDOZA 12900 OXNARD ST APT C, NORTH HOLLYWOOD, CA 91606. This Business is conducted by: AN INDIVIDUAL. Signed: MARTIN MONTIEL MENDOZA, OWNER. This statement was filed with the County Clerk of Los Angeles County on 10/06/2020. The registrant(s) has (have) commenced to transact business under the fictitious business name or names listed above on 09/2020. NOTICE- This Fictitious Name Statement expires five years from the date it was filed in the office of the County Clerk. A new Fictitious Business Name Statement must be filed prior to that date. The filing of this statement does not of itself authorize the use in this state of a Fictitious Business Name in violation of the rights of another under Federal, State, or common law (See section 14411 et seq. Business and Professions Code) Publish: ES Mountain Views News
Dates Pub: NOV 14, 21, 28, DEC 5, 2020
FICTITIOUS BUSINESS NAME STATEMENT FILE NO. 2020161969
The following person(s) is (are) doing business as: ESSENTIAL MAID SERVICES 12900 OXNARD ST APT C, NORTH HOLLYWOOD, CA 91606. Full name of registrant(s) is (are) SANDRA ADAUZ 12900 OXNARD ST APT C, NORTH HOLLYWOOD, CA 91606. This Business is conducted by: AN INDIVIDUAL. Signed: SANDRA ADAUZ, OWNER. This statement was filed with the County Clerk of Los Angeles County on 10/21/2020. The registrant(s) has (have) commenced to transact business under the fictitious business name or names listed above on 10/2020. NOTICE- This Fictitious Name Statement expires five years from the date it was filed in the office of the County Clerk. A new Fictitious Business Name Statement must be filed prior to that date. The filing of this statement does not of itself authorize the use in this state of a Fictitious Business Name in violation of the rights of another under Federal, State, or common law (See section 14411 et seq. Business and Professions Code) Publish: ED Mountain Views News
Dates Pub: Nov 14, 21, 28, Dec 5, 2020
FICTITIOUS BUSINESS NAME STATEMENT FILE NO. 2020180990
The following person(s) is (are) doing business as: DARCWORLD 8100 FOOTHILL BLVD SPC 77, SUNLAND, CA 91040. Full name of registrant(s) is (are) MARK N WHITLING 8100 FOOTHILL BLVD SPC 77, SUNLAND, CA 91040. This Business is conducted by: AN INDIVIDUAL. Signed: MARK N WHITLING, OWNER. This statement was filed with the County Clerk of Los Angeles County on 11/05/2020. The registrant(s) has (have) commenced to transact business under the fictitious business name or names listed above on N/A. NOTICE- This Fictitious Name Statement expires five years from the date it was filed in the office of the County Clerk. A new Fictitious Business Name Statement must be filed prior to that date. The filing of this statement does not of itself authorize the use in this state of a Fictitious Business Name in violation of the rights of another under Federal, State, or common law (See section 14411 et seq. Business and Professions Code) Publish: ED Mountain Views News
Dates Pub: Nov 14, 21, 28, Dec 5, 2020
FICTITIOUS BUSINESS NAME STATEMENT FILE NO. 2020169612
The following person(s) is (are) doing business as: NY HOMES 3167 N SAN FERNANDO BLVD #112, BURBANK, CA 91504. Full name of registrant(s) is (are) ANDO Z STEPHEN 3167 N SAN FERNANDO BLVD #112, BURBANK, CA 91504. This Business is conducted by: A CORPORATION. Signed: G AND G STUDIOS, NANCY TITUS, CEO. This statement was filed with the County Clerk of Los Angeles County on 10/28/2020. The registrant(s) has (have) commenced to transact business under the
fictitious business name or names listed above on N/A. NOTICE- This Fictitious Name Statement expires five years from the date it was filed in the office of the County Clerk. A new Fictitious Business Name Statement must be filed prior to that date. The filing of this statement does not of itself authorize the use in this state of a Fictitious Business Name in violation of the rights of another under Federal, State, or common law (See section 14411 et seq. Business and Professions Code) Publish: ED Mountain Views News
Dates Pub: Nov 14, 21, 28, Dec 5, 2020
FICTITIOUS BUSINESS NAME STATEMENT FILE NO. 2020180798
The following person(s) is (are) doing business as: FRESH & FLOW BARBER SHOP 7650 FOOTHILL BLVD, SUNLAND, CA 91040. Full name of registrant(s) is (are) JOSE MARIO CAMBAR 7650 FOOTHILL BLVD APT 112, SUNLAND, CA 91040. This Business is conducted by: AN INDIVIDUAL. Signed: JOSE MARIO CAMBAR, OWNER. This statement was filed with the County Clerk of Los Angeles County on 10/30/2020. The registrant(s) has (have) commenced to transact business under the fictitious business name or names listed above on N/A. NOTICE- This Fictitious Name Statement expires five years from the date it was filed in the office of the County Clerk. A new Fictitious Business Name Statement must be filed prior to that date. The filing of this statement does not of itself authorize the use in this state of a Fictitious Business Name in violation of the rights of another under Federal, State, or common law (See section 14411 et seq. Business and Professions Code) Publish: ES Mountain Views News
Dates Pub: Nov 14, 21, 28, Dec 5, 2020
FICTITIOUS BUSINESS NAME STATEMENT FILE NO. 2020164756
The following person(s) is (are) doing business as: FINE FINE 14800 OXNARD ST UNIT C2, VAN NUYS, CA 91411. Full name of registrant(s) is (are) FINE FOOD, INC. 14800 OXNARD ST UNIT C2, VAN NUYS, CA 91411. This Business is conducted by: A CORPORATION. Signed: FINAL FOOD, INC. VANNY FITCO, CEO. This statement was filed with the County Clerk of Los Angeles County on 10/23/2020. The registrant(s) has (have) commenced to transact business under the fictitious business name or names listed above on N/A. NOTICE- This Fictitious Name Statement expires five years from the date it was filed in the office of the County Clerk. A new Fictitious Business Name Statement must be filed prior to that date. The filing of this statement does not of itself authorize the use in this state of a Fictitious Business Name in violation of the rights of another under Federal, State, or common law (See section 14411 et seq. Business and Professions Code) Publish: ES Mountain Views News
Dates Pub: Nov 14, 21, 28, Dec 5, 2020
FICTITIOUS BUSINESS NAME STATEMENT FILE NO. 2020-128365
The following person(s) is (are) doing business as: OX NINE MARKET, 2024 E ANAHEIM ST, LONG BEACH, CA 90804. Full name of registrant(s) is (are) SAFEUDIN SEDANIDRISI, 2024 E ANAHEIM ST, LONG BEACH, CA 90804. This Business is conducted by: AN INDIVIDUAL. Signed: SAFEUDIN SEDANIDRISI. This statement was filed with the County Clerk of Los Angeles County on 09/25/2020. The registrant(s) has (have) commenced to transact business under the fictitious business name or names listed above on N/A. NOTICE- This Fictitious Name Statement expires five years from the date it was filed in the office of the County Clerk. A new Fictitious Business Name Statement must be filed prior to that date. The filing of this statement does not of itself authorize the use in this state of a Fictitious Business Name in violation of the rights of another under Federal, State, or common law (See section 14411 et seq. Business and Professions Code)Publish: Mountain Views News/JDC
Dates Pub: NOV. 14, 21, 28, DEC. 5, 2020
FICTITIOUS BUSINESS NAME STATEMENT FILE NO. 2020-165282
The following person(s) is (are) doing business as: SORORITAS BEAUTIFICATION, 4173 LA TIERRA RD, LONG BEACH, CA 90808. Full name of registrant(s) is (are) LAURA KALSBEUK, 1463 ORANGE AVE, LONG BEACH, CA 90813. This Business is conducted by: A CORPORATION. Signed: WWO JOON KIM. This statement was filed with the County Clerk of Los Angeles County on 10/23/2020. The registrant(s) has (have) commenced to transact business under the fictitious business name or names listed above on N/A. NOTICE- This Fictitious Name Statement expires five years from the date it was filed in the office of the County Clerk. A new Fictitious Business Name Statement must be filed prior to that date. The filing of this statement does not of itself authorize the use in this state of a Fictitious Business Name in violation of the rights of another under Federal, State, or common law (See section 14411 et seq. Business and Professions Code)Publish: Mountain Views News/JDC
Dates Pub: NOV. 14, 21, 28, DEC. 5, 2020
FICTITIOUS BUSINESS NAME STATEMENT FILE NO. 2020-169862
The following person(s) is (are) doing business as: WEST LA AUTO PAINT & SUPPLIES, 9159 S WESTERN AVE, LOS ANGELES, CA 90047. Full name of registrant(s) is (are) CLAUDIA BEATRIZ RODRIGUEZ SIBRIAN, 9159 S WESTERN AVE, LOS ANGELES, CA 90047. This Business is conducted by: A GENERAL PARTNERSHIP. Signed: CLAUDIA BEATRIZ RODRIGUEZ SIBRIAN. This statement was filed with the County Clerk of Los Angeles County on 10/28/2020. The registrant(s) has (have) commenced to transact business under the fictitious business name or names listed above on N/A. NOTICE- This Fictitious Name Statement expires five years from the date it was filed in the office of the County Clerk. A new Fictitious Business Name Statement must be filed prior to that date. The filing of this statement does not of itself authorize the use in this state of a Fictitious Business Name in violation of the rights of another under Federal, State, or common law (See section 14411 et seq. Business and Professions Code)Publish: Mountain Views News/JDC
Dates Pub: NOV. 14, 21, 28, DEC. 5, 2020
FICTITIOUS BUSINESS NAME STATEMENT FILE NO. 2020-181609
The following person(s) is (are) doing business as: AZ LOCKSMITH AND KEY SOLUTIONS, 821 NORTH EUCALYPTUS AVENUE APT 2, INGLEWOOD, CA 90302. Full name of registrant(s) is (are) SEANY GODWIN WILLIAMS, 821 NORTH EUCALYPTUS AVENUE APT 2, INGLEWOOD, CA 90302. This Business is conducted by: AN INDIVIDUAL. Signed: SEANY GODWIN WILLIAMS. This statement was filed with the County Clerk of Los Angeles County on 11/05/2020. The registrant(s) has (have) commenced to transact business under the fictitious business name or names listed above on 10/2019. NOTICE- This Fictitious Name Statement expires five years from the date it was filed in the office of the County Clerk. A new Fictitious Business Name Statement must be filed prior to that date. The filing of this statement does not of itself authorize the use in this state of a Fictitious Business Name in violation of the rights of another under Federal, State, or common law (See section 14411 et seq. Business and Professions Code)Publish: Mountain Views News/JDC
Dates Pub: NOV. 14, 21, 28, DEC. 5, 2020
Mountain Views News 80 W Sierra Madre Blvd. No. 327 Sierra Madre, Ca. 91024 Office: 626.355.2737 Fax: 626.609.3285 Email: editor@mtnviewsnews.com Website: www.mtnviewsnews.com
